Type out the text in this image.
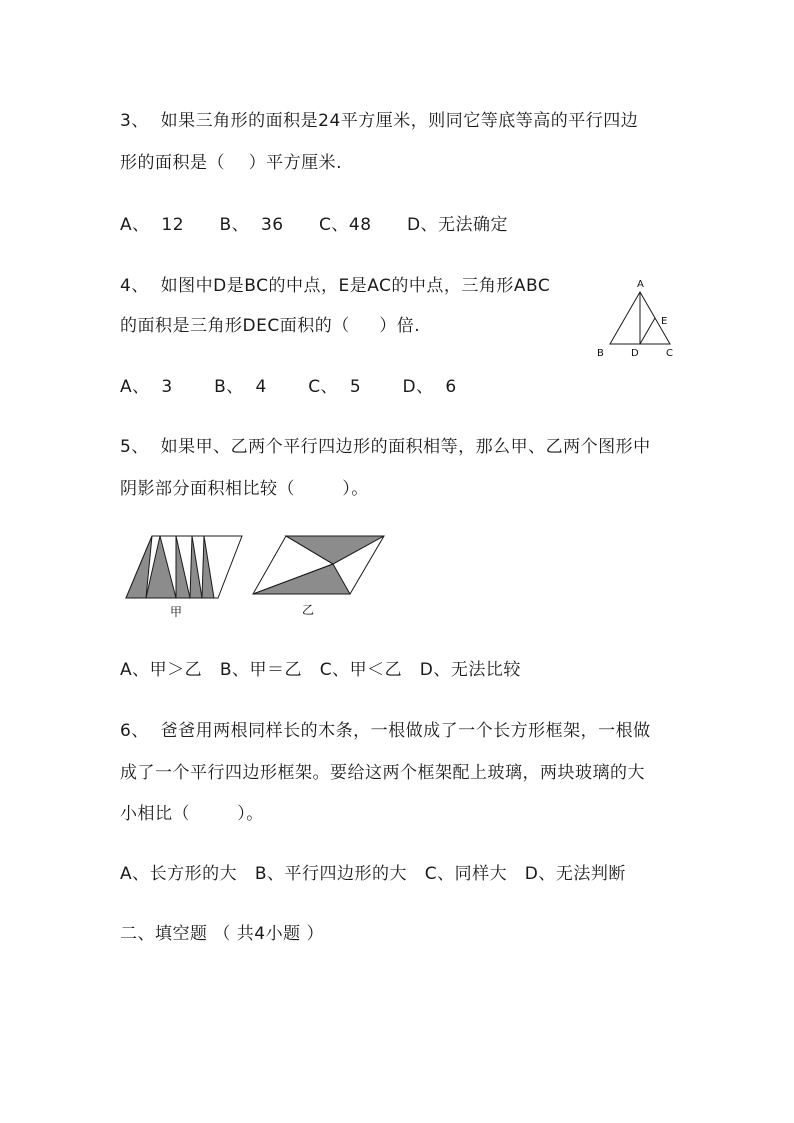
3、  如果三角形的面积是24平方厘米，则同它等底等高的平行四边
形的面积是（    ）平方厘米.
A、  12      B、  36      C、48      D、无法确定
4、  如图中D是BC的中点，E是AC的中点，三角形ABC
的面积是三角形DEC面积的（     ）倍.
A
B	C
D
E
A、  3       B、  4       C、  5       D、  6
5、  如果甲、乙两个平行四边形的面积相等，那么甲、乙两个图形中
阴影部分面积相比较（        ）。
甲	乙
A、甲＞乙   B、甲＝乙   C、甲＜乙   D、无法比较
6、  爸爸用两根同样长的木条，一根做成了一个长方形框架，一根做
成了一个平行四边形框架。要给这两个框架配上玻璃，两块玻璃的大
小相比（        ）。
A、长方形的大   B、平行四边形的大   C、同样大   D、无法判断
二、填空题 （ 共4小题 ）
